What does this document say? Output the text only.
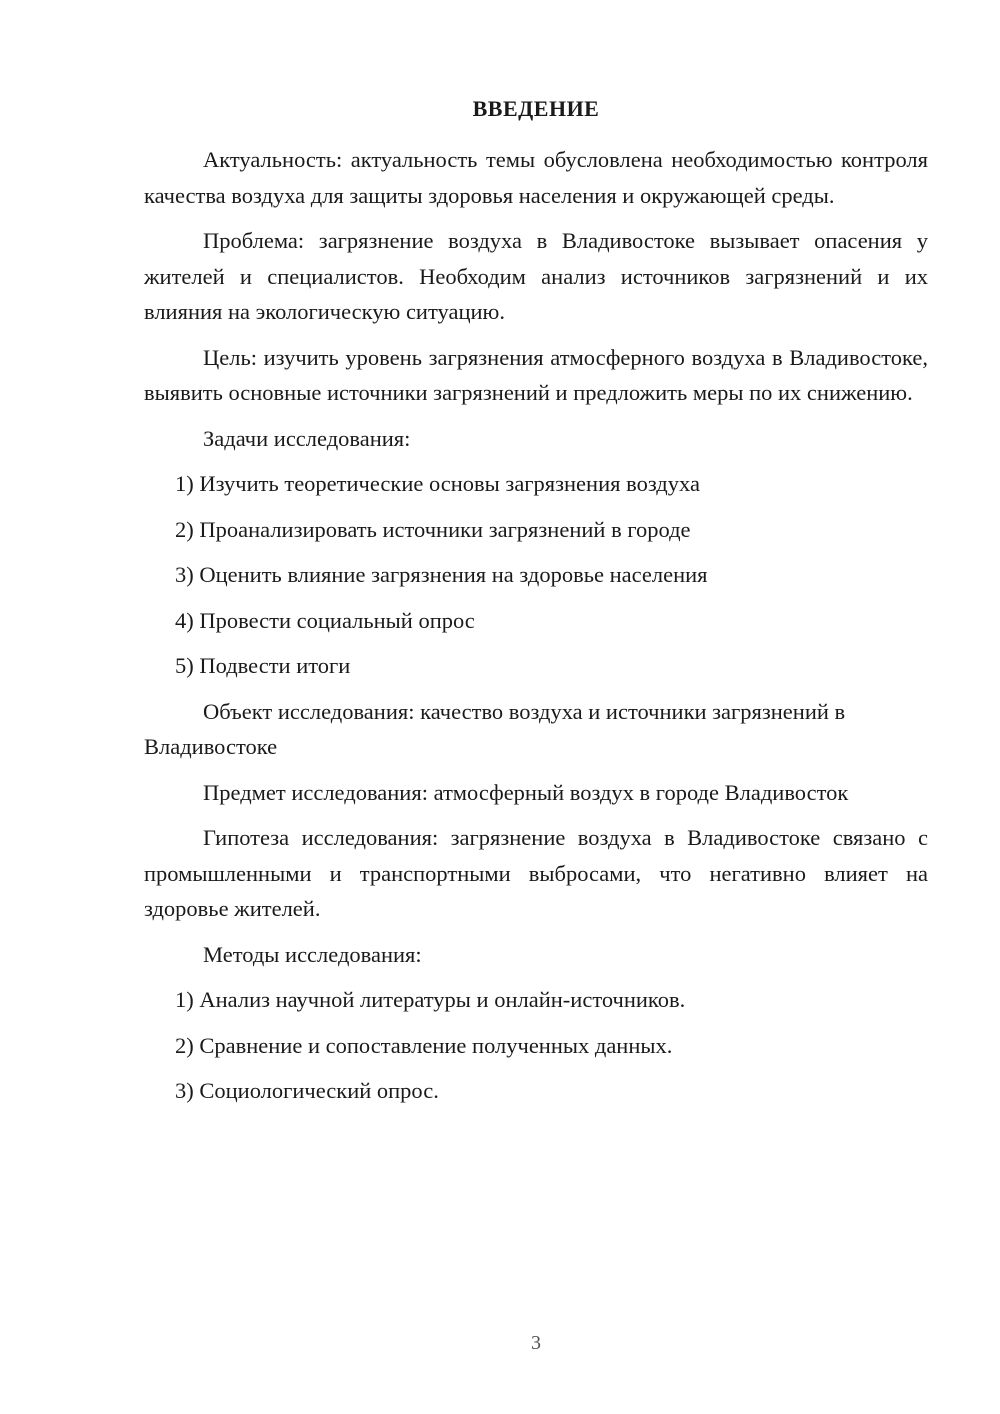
ВВЕДЕНИЕ

Актуальность: актуальность темы обусловлена необходимостью контроля качества воздуха для защиты здоровья населения и окружающей среды.

Проблема: загрязнение воздуха в Владивостоке вызывает опасения у жителей и специалистов. Необходим анализ источников загрязнений и их влияния на экологическую ситуацию.

Цель: изучить уровень загрязнения атмосферного воздуха в Владивостоке, выявить основные источники загрязнений и предложить меры по их снижению.

Задачи исследования:

1) Изучить теоретические основы загрязнения воздуха

2) Проанализировать источники загрязнений в городе

3) Оценить влияние загрязнения на здоровье населения

4) Провести социальный опрос

5) Подвести итоги

Объект исследования: качество воздуха и источники загрязнений в Владивостоке

Предмет исследования: атмосферный воздух в городе Владивосток

Гипотеза исследования: загрязнение воздуха в Владивостоке связано с промышленными и транспортными выбросами, что негативно влияет на здоровье жителей.

Методы исследования:

1) Анализ научной литературы и онлайн-источников.

2) Сравнение и сопоставление полученных данных.

3) Социологический опрос.

3
